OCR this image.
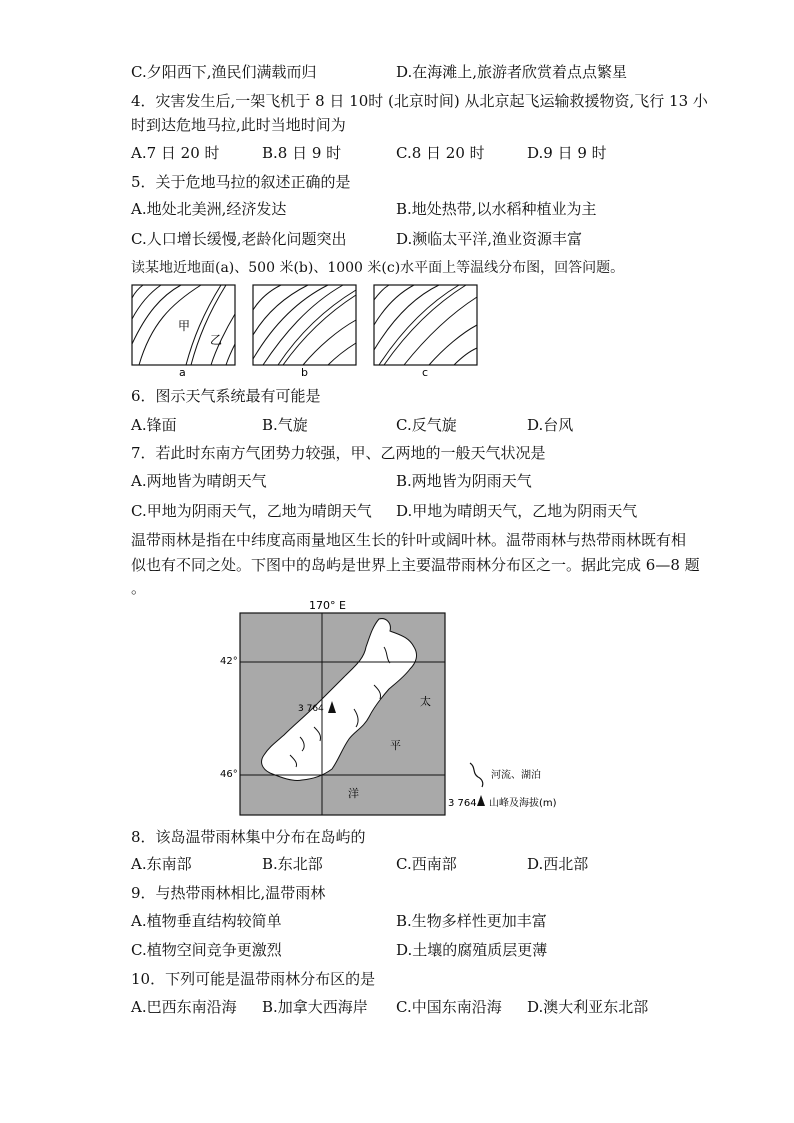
C.夕阳西下,渔民们满载而归	D.在海滩上,旅游者欣赏着点点繁星
4．灾害发生后,一架飞机于 8 日 10时 (北京时间) 从北京起飞运输救援物资,飞行 13 小
时到达危地马拉,此时当地时间为
A.7 日 20 时	B.8 日 9 时	C.8 日 20 时	D.9 日 9 时
5．关于危地马拉的叙述正确的是
A.地处北美洲,经济发达	B.地处热带,以水稻种植业为主
C.人口增长缓慢,老龄化问题突出	D.濒临太平洋,渔业资源丰富
读某地近地面(a)、500 米(b)、1000 米(c)水平面上等温线分布图，回答问题。
甲
乙
a	b	c
6．图示天气系统最有可能是
A.锋面	B.气旋	C.反气旋	D.台风
7．若此时东南方气团势力较强，甲、乙两地的一般天气状况是
A.两地皆为晴朗天气	B.两地皆为阴雨天气
C.甲地为阴雨天气，乙地为晴朗天气 D.甲地为晴朗天气，乙地为阴雨天气
温带雨林是指在中纬度高雨量地区生长的针叶或阔叶林。温带雨林与热带雨林既有相
似也有不同之处。下图中的岛屿是世界上主要温带雨林分布区之一。据此完成 6—8 题
。
170° E
42°
46°
3 764
太
平
洋
河流、湖泊
3 764 山峰及海拔(m)
8．该岛温带雨林集中分布在岛屿的
A.东南部	B.东北部	C.西南部	D.西北部
9．与热带雨林相比,温带雨林
A.植物垂直结构较简单	B.生物多样性更加丰富
C.植物空间竞争更激烈	D.土壤的腐殖质层更薄
10．下列可能是温带雨林分布区的是
A.巴西东南沿海 B.加拿大西海岸 C.中国东南沿海 D.澳大利亚东北部
